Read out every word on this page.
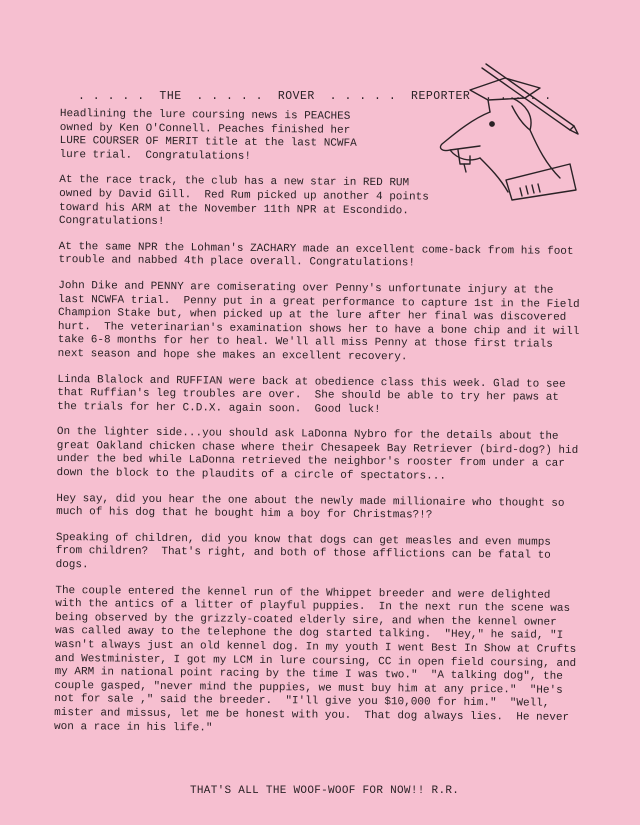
. . . . .  THE  . . . . .  ROVER  . . . . .  REPORTER  . . . . .

Headlining the lure coursing news is PEACHES owned by Ken O'Connell. Peaches finished her LURE COURSER OF MERIT title at the last NCWFA lure trial.  Congratulations!

At the race track, the club has a new star in RED RUM owned by David Gill.  Red Rum picked up another 4 points toward his ARM at the November 11th NPR at Escondido. Congratulations!

At the same NPR the Lohman's ZACHARY made an excellent come-back from his foot trouble and nabbed 4th place overall. Congratulations!

John Dike and PENNY are comiserating over Penny's unfortunate injury at the last NCWFA trial.  Penny put in a great performance to capture 1st in the Field Champion Stake but, when picked up at the lure after her final was discovered hurt.  The veterinarian's examination shows her to have a bone chip and it will take 6-8 months for her to heal. We'll all miss Penny at those first trials next season and hope she makes an excellent recovery.

Linda Blalock and RUFFIAN were back at obedience class this week. Glad to see that Ruffian's leg troubles are over.  She should be able to try her paws at the trials for her C.D.X. again soon.  Good luck!

On the lighter side...you should ask LaDonna Nybro for the details about the great Oakland chicken chase where their Chesapeek Bay Retriever (bird-dog?) hid under the bed while LaDonna retrieved the neighbor's rooster from under a car down the block to the plaudits of a circle of spectators...

Hey say, did you hear the one about the newly made millionaire who thought so much of his dog that he bought him a boy for Christmas?!?

Speaking of children, did you know that dogs can get measles and even mumps from children?  That's right, and both of those afflictions can be fatal to dogs.

The couple entered the kennel run of the Whippet breeder and were delighted with the antics of a litter of playful puppies.  In the next run the scene was being observed by the grizzly-coated elderly sire, and when the kennel owner was called away to the telephone the dog started talking.  "Hey," he said, "I wasn't always just an old kennel dog. In my youth I went Best In Show at Crufts and Westminister, I got my LCM in lure coursing, CC in open field coursing, and my ARM in national point racing by the time I was two."  "A talking dog", the couple gasped, "never mind the puppies, we must buy him at any price."  "He's not for sale ," said the breeder.  "I'll give you $10,000 for him."  "Well, mister and missus, let me be honest with you.  That dog always lies.  He never won a race in his life."

THAT'S ALL THE WOOF-WOOF FOR NOW!! R.R.
